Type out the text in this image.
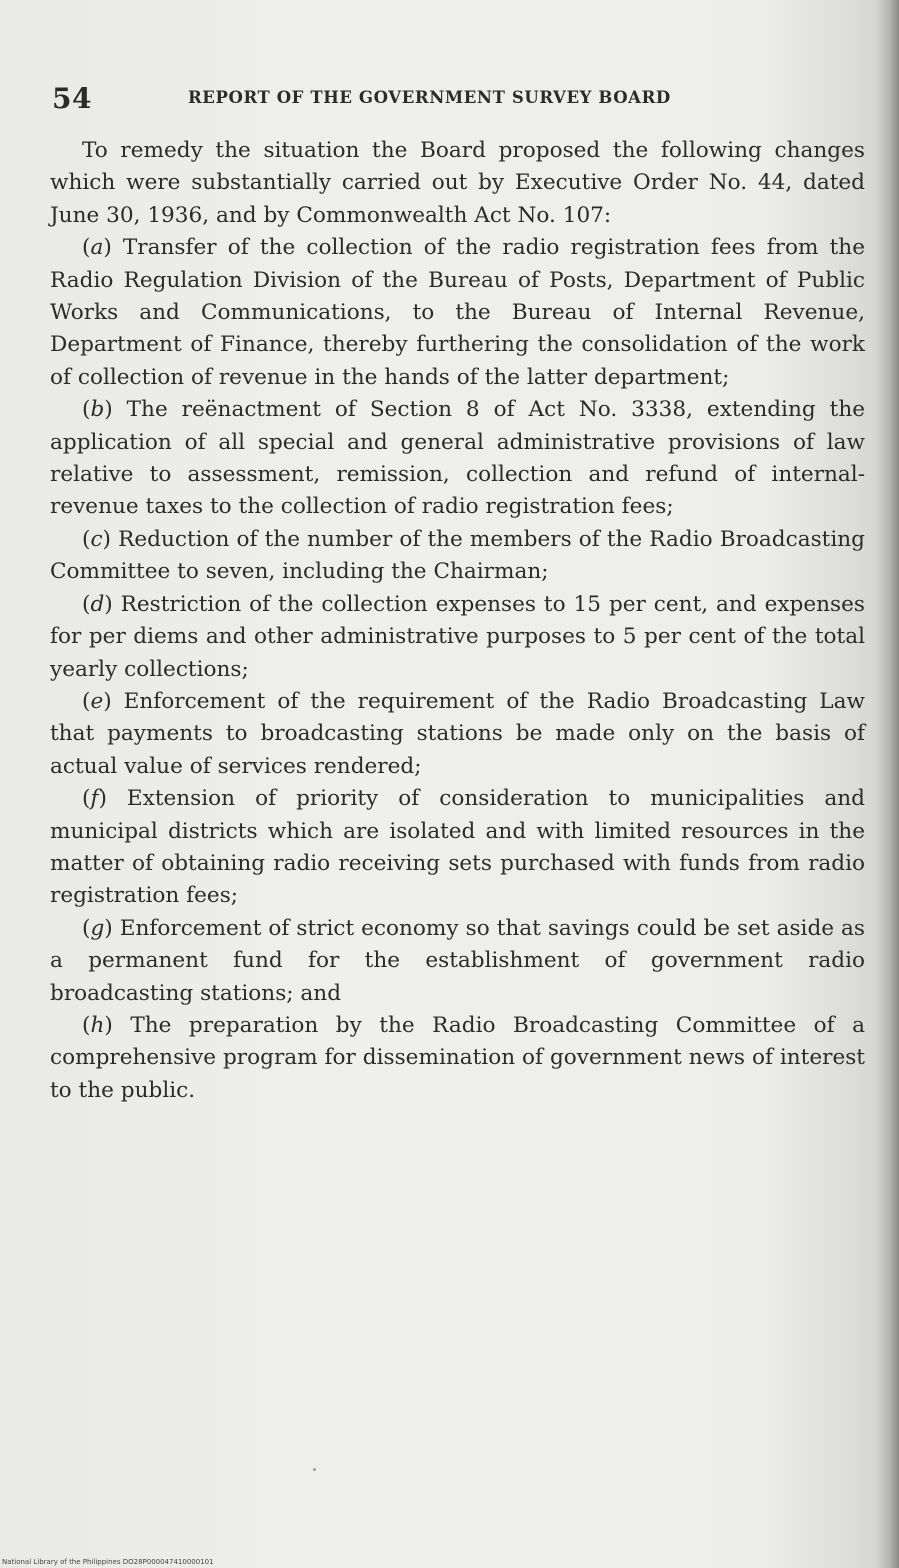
54	REPORT OF THE GOVERNMENT SURVEY BOARD

To remedy the situation the Board proposed the following changes which were substantially carried out by Executive Order No. 44, dated June 30, 1936, and by Commonwealth Act No. 107:

(a) Transfer of the collection of the radio registration fees from the Radio Regulation Division of the Bureau of Posts, Department of Public Works and Communications, to the Bureau of Internal Revenue, Department of Finance, thereby furthering the consolidation of the work of collection of revenue in the hands of the latter department;

(b) The reënactment of Section 8 of Act No. 3338, extending the application of all special and general administrative provisions of law relative to assessment, remission, collection and refund of internal-revenue taxes to the collection of radio registration fees;

(c) Reduction of the number of the members of the Radio Broadcasting Committee to seven, including the Chairman;

(d) Restriction of the collection expenses to 15 per cent, and expenses for per diems and other administrative purposes to 5 per cent of the total yearly collections;

(e) Enforcement of the requirement of the Radio Broadcasting Law that payments to broadcasting stations be made only on the basis of actual value of services rendered;

(f) Extension of priority of consideration to municipalities and municipal districts which are isolated and with limited resources in the matter of obtaining radio receiving sets purchased with funds from radio registration fees;

(g) Enforcement of strict economy so that savings could be set aside as a permanent fund for the establishment of government radio broadcasting stations; and

(h) The preparation by the Radio Broadcasting Committee of a comprehensive program for dissemination of government news of interest to the public.

National Library of the Philippines DO28P000047410000101
